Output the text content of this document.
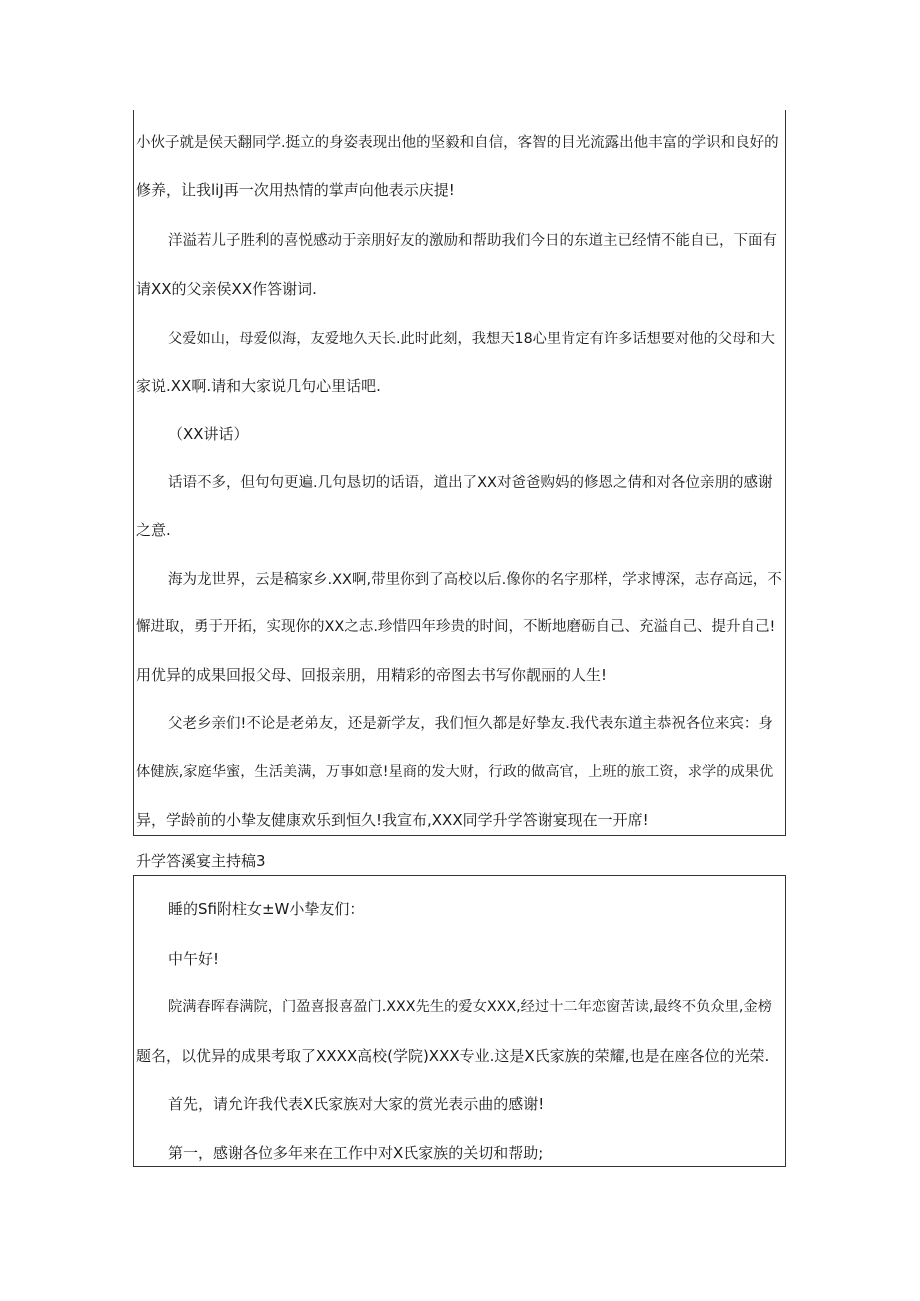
小伙子就是侯天翻同学.挺立的身姿表现出他的坚毅和自信，客智的目光流露出他丰富的学识和良好的
修养，让我liJ再一次用热情的掌声向他表示庆提!
洋溢若儿子胜利的喜悦感动于亲朋好友的激励和帮助我们今日的东道主已经情不能自已，下面有
请XX的父亲侯XX作答谢词.
父爱如山，母爱似海，友爱地久天长.此时此刻，我想天18心里肯定有许多话想要对他的父母和大
家说.XX啊.请和大家说几句心里话吧.
（XX讲话）
话语不多，但句句更遍.几句恳切的话语，道出了XX对爸爸购妈的修恩之倩和对各位亲朋的感谢
之意.
海为龙世界，云是稿家乡.XX啊,带里你到了高校以后.像你的名字那样，学求博深，志存高远，不
懈进取，勇于开拓，实现你的XX之志.珍惜四年珍贵的时间，不断地磨砺自己、充溢自己、提升自己!
用优异的成果回报父母、回报亲朋，用精彩的帝图去书写你靓丽的人生!
父老乡亲们!不论是老弟友，还是新学友，我们恒久都是好挚友.我代表东道主恭祝各位来宾：身
体健族,家庭华蜜，生活美满，万事如意!星商的发大财，行政的做高官，上班的旅工资，求学的成果优
异，学龄前的小挚友健康欢乐到恒久!我宣布,XXX同学升学答谢宴现在一开席!
升学答溪宴主持稿3
睡的Sfi附柱女±W小挚友们：
中午好!
院满春晖春满院，门盈喜报喜盈门.XXX先生的爱女XXX,经过十二年恋窗苦读,最终不负众里,金榜
题名，以优异的成果考取了XXXX高校(学院)XXX专业.这是X氏家族的荣耀,也是在座各位的光荣.
首先，请允许我代表X氏家族对大家的赏光表示曲的感谢!
第一，感谢各位多年来在工作中对X氏家族的关切和帮助;
